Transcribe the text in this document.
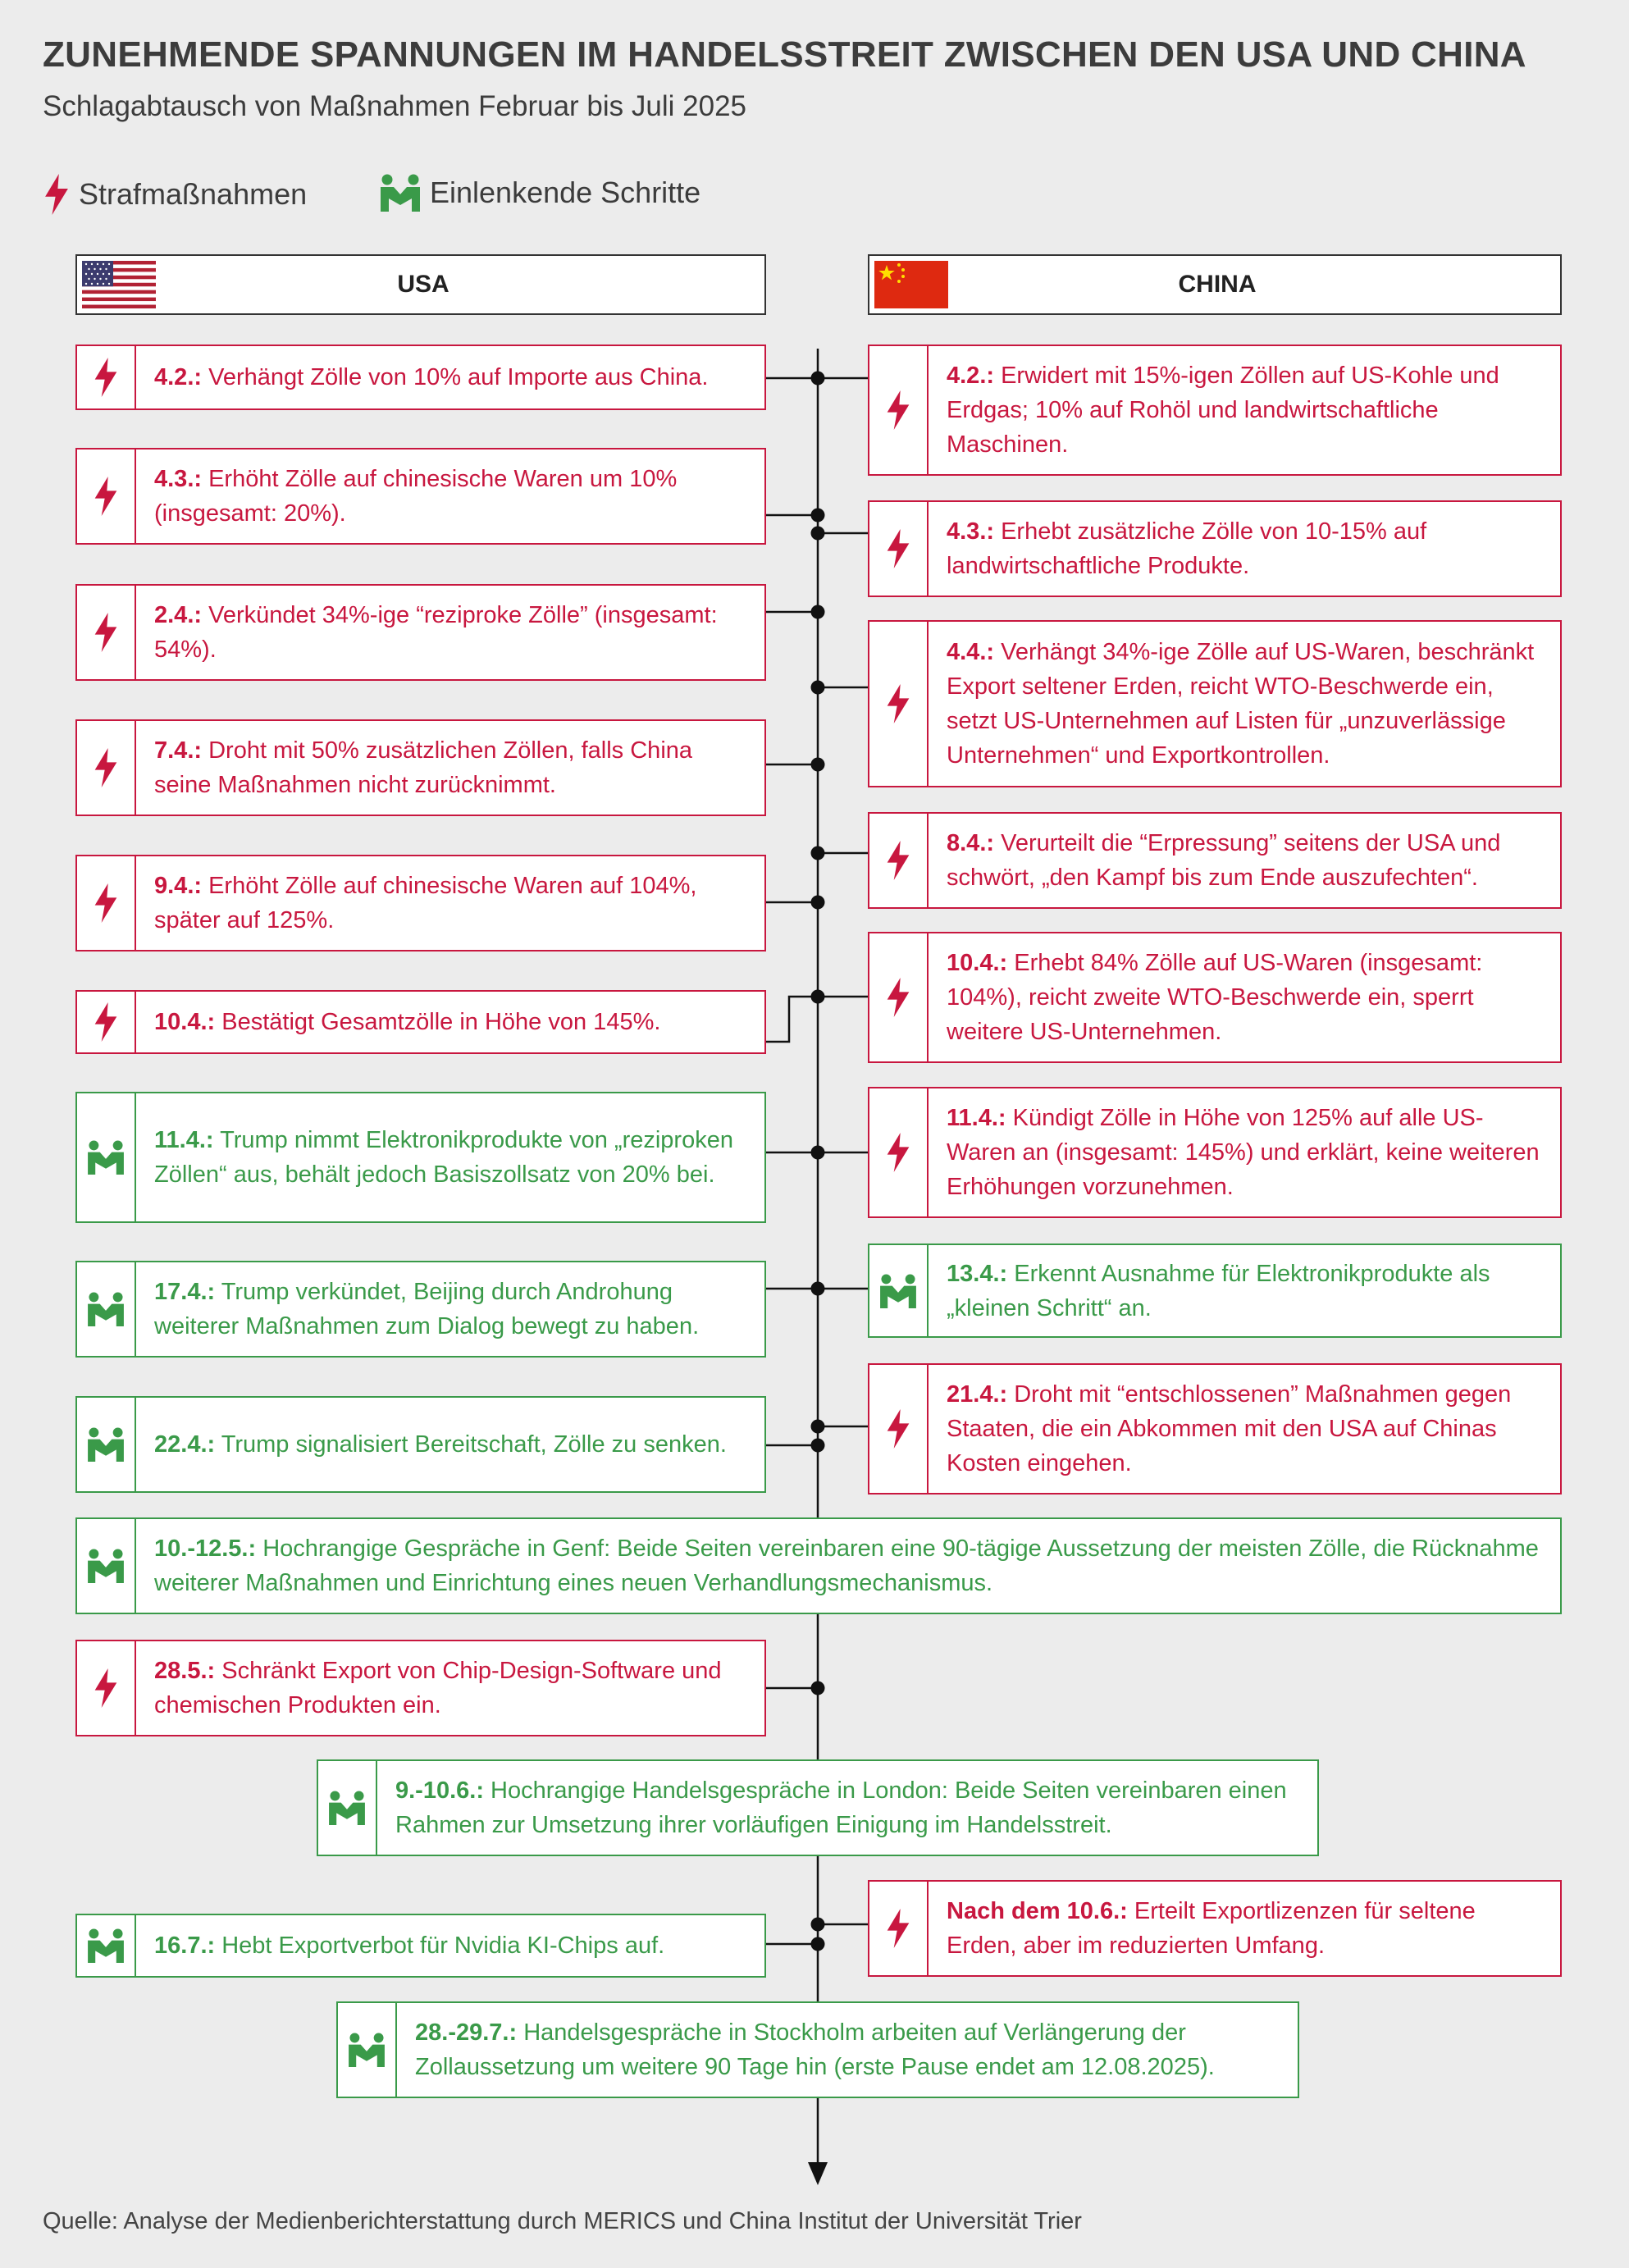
ZUNEHMENDE SPANNUNGEN IM HANDELSSTREIT ZWISCHEN DEN USA UND CHINA
Schlagabtausch von Maßnahmen Februar bis Juli 2025
Strafmaßnahmen	Einlenkende Schritte
USA	CHINA
4.2.: Verhängt Zölle von 10% auf Importe aus China.
4.3.: Erhöht Zölle auf chinesische Waren um 10% (insgesamt: 20%).
2.4.: Verkündet 34%-ige “reziproke Zölle” (insgesamt: 54%).
7.4.: Droht mit 50% zusätzlichen Zöllen, falls China seine Maßnahmen nicht zurücknimmt.
9.4.: Erhöht Zölle auf chinesische Waren auf 104%, später auf 125%.
10.4.: Bestätigt Gesamtzölle in Höhe von 145%.
11.4.: Trump nimmt Elektronikprodukte von „reziproken Zöllen“ aus, behält jedoch Basiszollsatz von 20% bei.
17.4.: Trump verkündet, Beijing durch Androhung weiterer Maßnahmen zum Dialog bewegt zu haben.
22.4.: Trump signalisiert Bereitschaft, Zölle zu senken.
28.5.: Schränkt Export von Chip-Design-Software und chemischen Produkten ein.
16.7.: Hebt Exportverbot für Nvidia KI-Chips auf.
4.2.: Erwidert mit 15%-igen Zöllen auf US-Kohle und Erdgas; 10% auf Rohöl und landwirtschaftliche Maschinen.
4.3.: Erhebt zusätzliche Zölle von 10-15% auf landwirtschaftliche Produkte.
4.4.: Verhängt 34%-ige Zölle auf US-Waren, beschränkt Export seltener Erden, reicht WTO-Beschwerde ein, setzt US-Unternehmen auf Listen für „unzuverlässige Unternehmen“ und Exportkontrollen.
8.4.: Verurteilt die “Erpressung” seitens der USA und schwört, „den Kampf bis zum Ende auszufechten“.
10.4.: Erhebt 84% Zölle auf US-Waren (insgesamt: 104%), reicht zweite WTO-Beschwerde ein, sperrt weitere US-Unternehmen.
11.4.: Kündigt Zölle in Höhe von 125% auf alle US-Waren an (insgesamt: 145%) und erklärt, keine weiteren Erhöhungen vorzunehmen.
13.4.: Erkennt Ausnahme für Elektronikprodukte als „kleinen Schritt“ an.
21.4.: Droht mit “entschlossenen” Maßnahmen gegen Staaten, die ein Abkommen mit den USA auf Chinas Kosten eingehen.
Nach dem 10.6.: Erteilt Exportlizenzen für seltene Erden, aber im reduzierten Umfang.
10.-12.5.: Hochrangige Gespräche in Genf: Beide Seiten vereinbaren eine 90-tägige Aussetzung der meisten Zölle, die Rücknahme weiterer Maßnahmen und Einrichtung eines neuen Verhandlungsmechanismus.
9.-10.6.: Hochrangige Handelsgespräche in London: Beide Seiten vereinbaren einen Rahmen zur Umsetzung ihrer vorläufigen Einigung im Handelsstreit.
28.-29.7.: Handelsgespräche in Stockholm arbeiten auf Verlängerung der Zollaussetzung um weitere 90 Tage hin (erste Pause endet am 12.08.2025).
Quelle: Analyse der Medienberichterstattung durch MERICS und China Institut der Universität Trier
